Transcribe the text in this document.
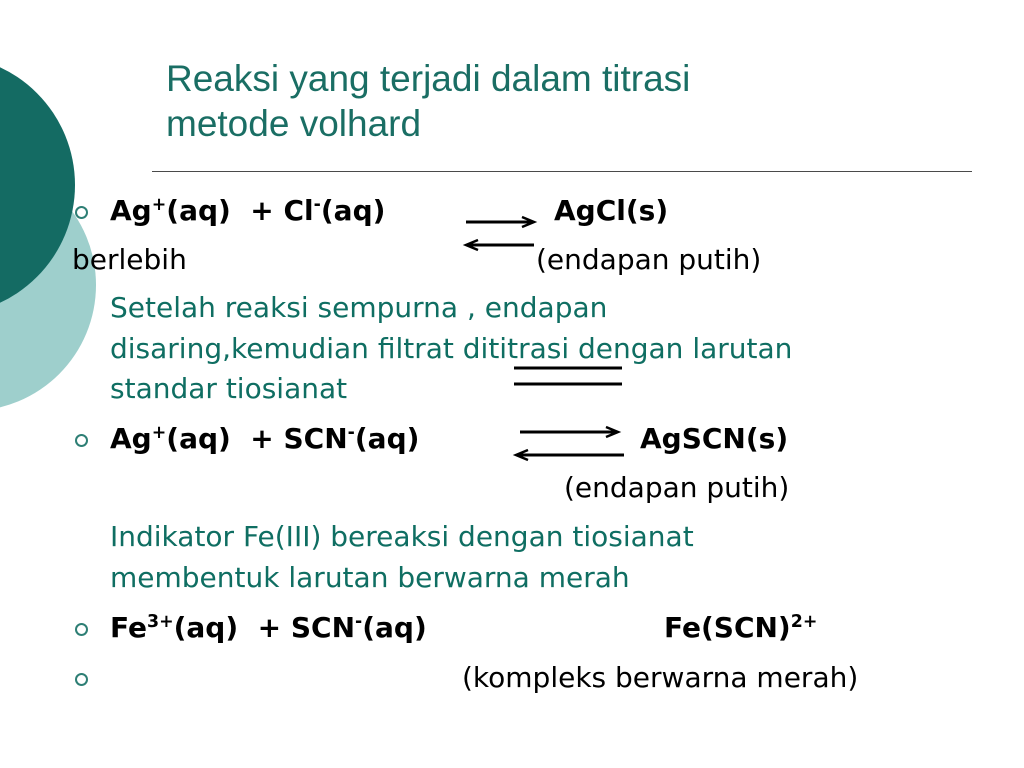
Reaksi yang terjadi dalam titrasi
metode volhard
Ag+(aq) + Cl-(aq)	AgCl(s)
berlebih	(endapan putih)
Setelah reaksi sempurna , endapan
disaring,kemudian filtrat dititrasi dengan larutan
standar tiosianat
Ag+(aq) + SCN-(aq)	AgSCN(s)
(endapan putih)
Indikator Fe(III) bereaksi dengan tiosianat
membentuk larutan berwarna merah
$Fe^{3+}(aq) + SCN^-(aq)$	Fe(SCN)$^{2+}$
(kompleks berwarna merah)
